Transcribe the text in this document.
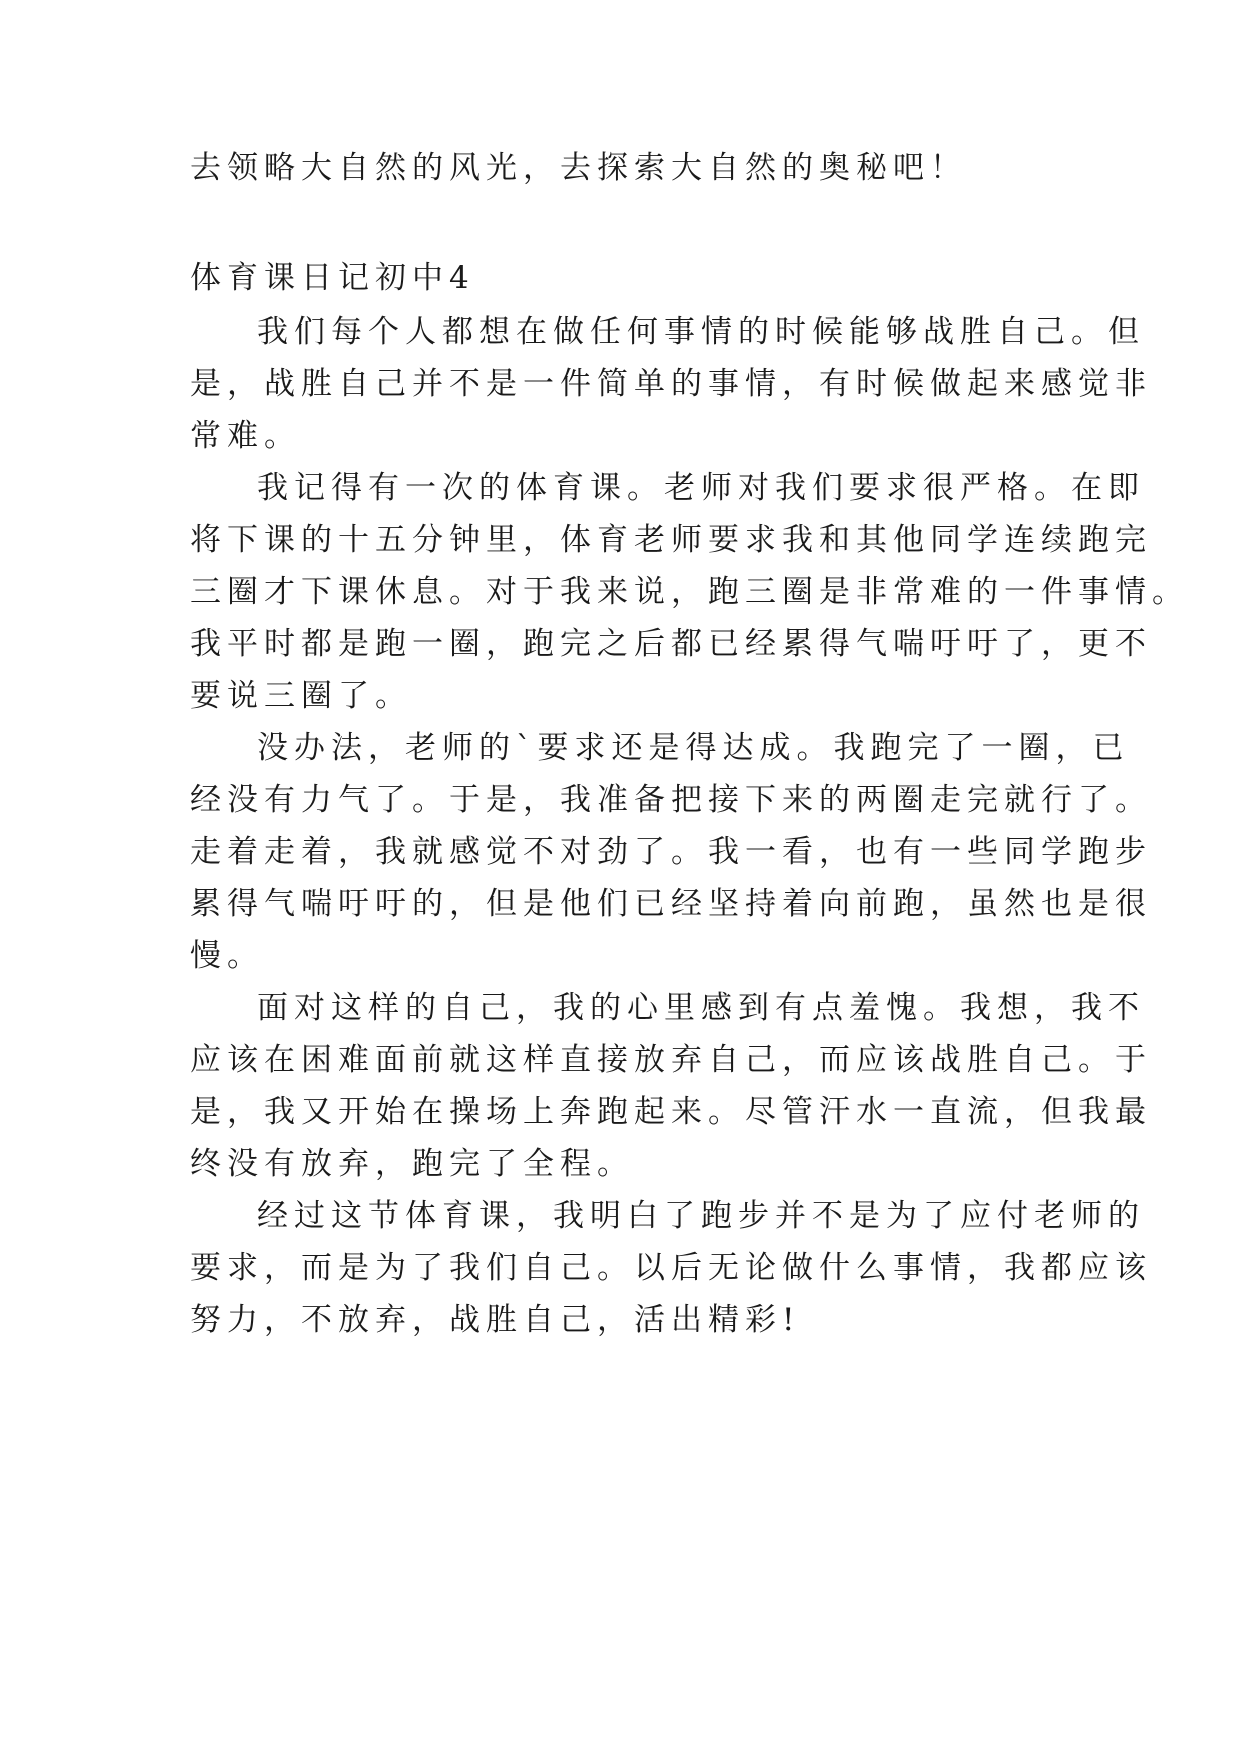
去领略大自然的风光，去探索大自然的奥秘吧！
体育课日记初中4
我们每个人都想在做任何事情的时候能够战胜自己。但
是，战胜自己并不是一件简单的事情，有时候做起来感觉非
常难。
我记得有一次的体育课。老师对我们要求很严格。在即
将下课的十五分钟里，体育老师要求我和其他同学连续跑完
三圈才下课休息。对于我来说，跑三圈是非常难的一件事情。
我平时都是跑一圈，跑完之后都已经累得气喘吁吁了，更不
要说三圈了。
没办法，老师的`要求还是得达成。我跑完了一圈，已
经没有力气了。于是，我准备把接下来的两圈走完就行了。
走着走着，我就感觉不对劲了。我一看，也有一些同学跑步
累得气喘吁吁的，但是他们已经坚持着向前跑，虽然也是很
慢。
面对这样的自己，我的心里感到有点羞愧。我想，我不
应该在困难面前就这样直接放弃自己，而应该战胜自己。于
是，我又开始在操场上奔跑起来。尽管汗水一直流，但我最
终没有放弃，跑完了全程。
经过这节体育课，我明白了跑步并不是为了应付老师的
要求，而是为了我们自己。以后无论做什么事情，我都应该
努力，不放弃，战胜自己，活出精彩!
